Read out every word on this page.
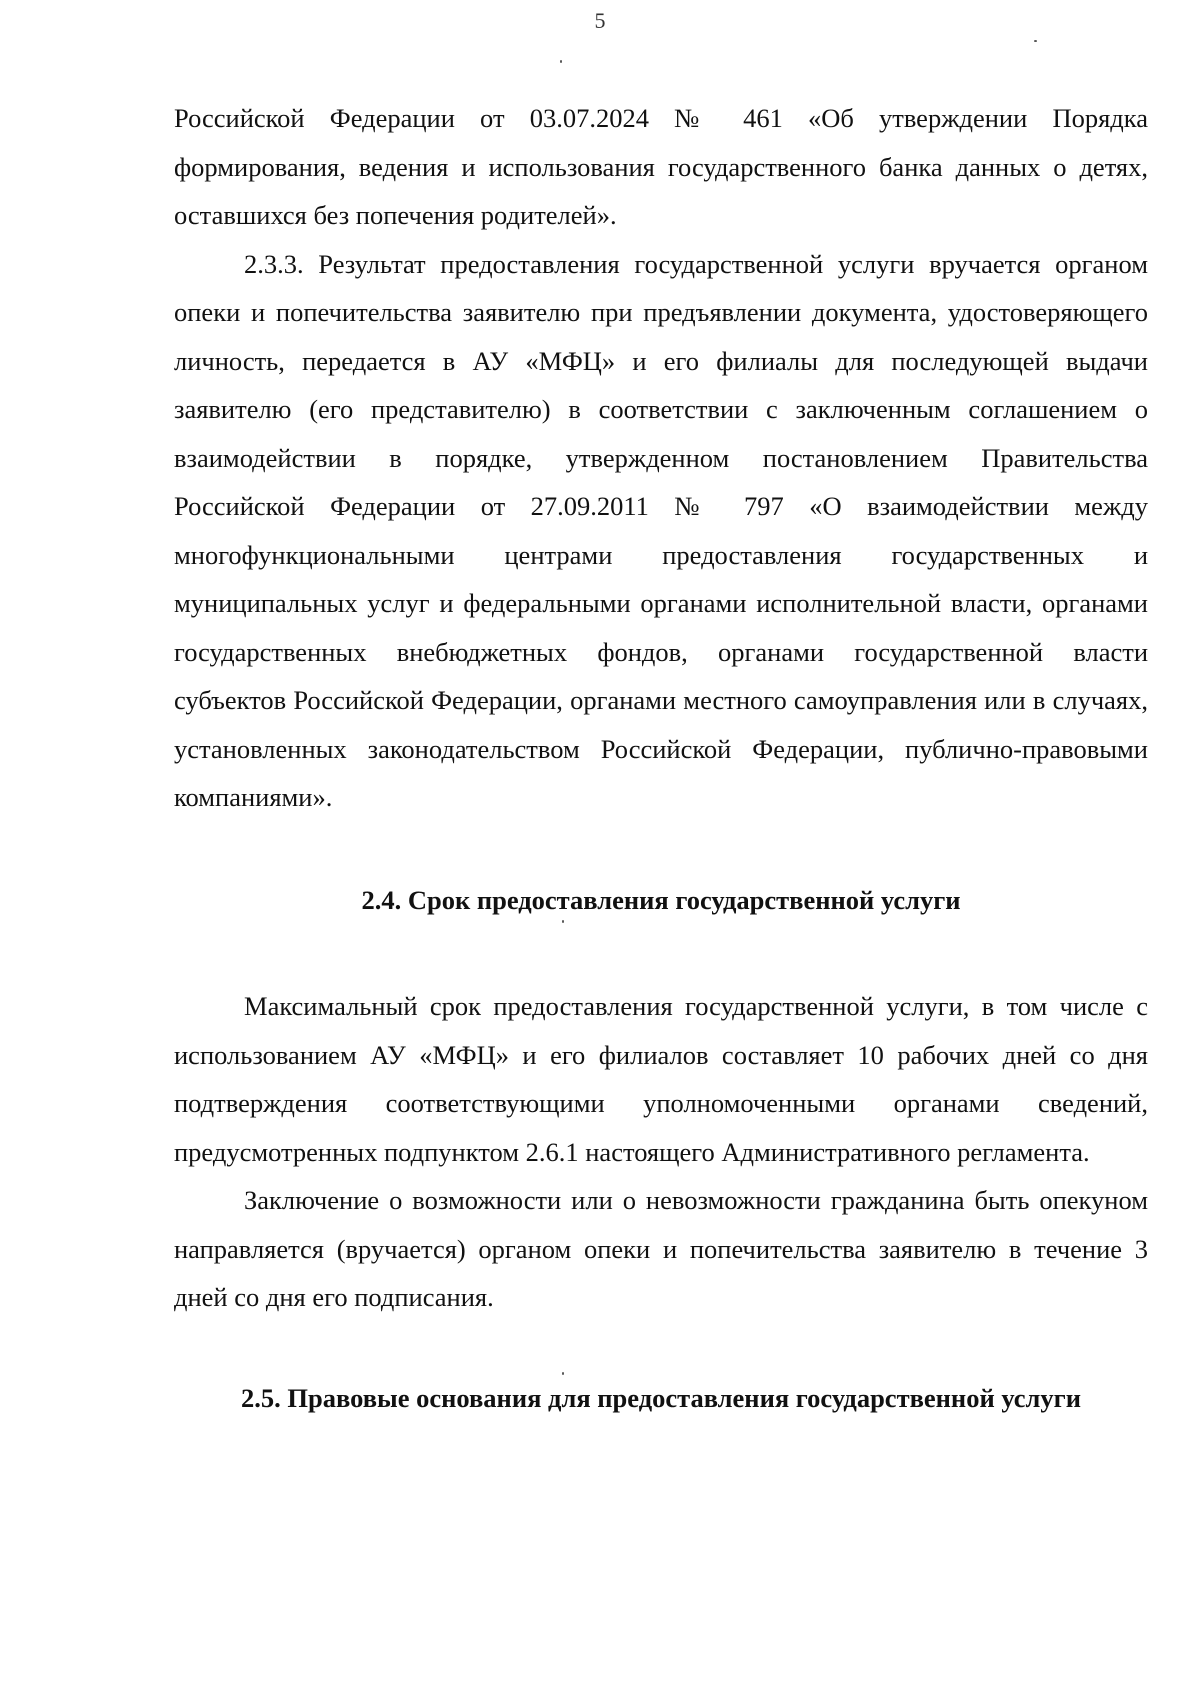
5

Российской Федерации от 03.07.2024 № 461 «Об утверждении Порядка формирования, ведения и использования государственного банка данных о детях, оставшихся без попечения родителей».

2.3.3. Результат предоставления государственной услуги вручается органом опеки и попечительства заявителю при предъявлении документа, удостоверяющего личность, передается в АУ «МФЦ» и его филиалы для последующей выдачи заявителю (его представителю) в соответствии с заключенным соглашением о взаимодействии в порядке, утвержденном постановлением Правительства Российской Федерации от 27.09.2011 № 797 «О взаимодействии между многофункциональными центрами предоставления государственных и муниципальных услуг и федеральными органами исполнительной власти, органами государственных внебюджетных фондов, органами государственной власти субъектов Российской Федерации, органами местного самоуправления или в случаях, установленных законодательством Российской Федерации, публично-правовыми компаниями».

2.4. Срок предоставления государственной услуги

Максимальный срок предоставления государственной услуги, в том числе с использованием АУ «МФЦ» и его филиалов составляет 10 рабочих дней со дня подтверждения соответствующими уполномоченными органами сведений, предусмотренных подпунктом 2.6.1 настоящего Административного регламента.

Заключение о возможности или о невозможности гражданина быть опекуном направляется (вручается) органом опеки и попечительства заявителю в течение 3 дней со дня его подписания.

2.5. Правовые основания для предоставления государственной услуги
